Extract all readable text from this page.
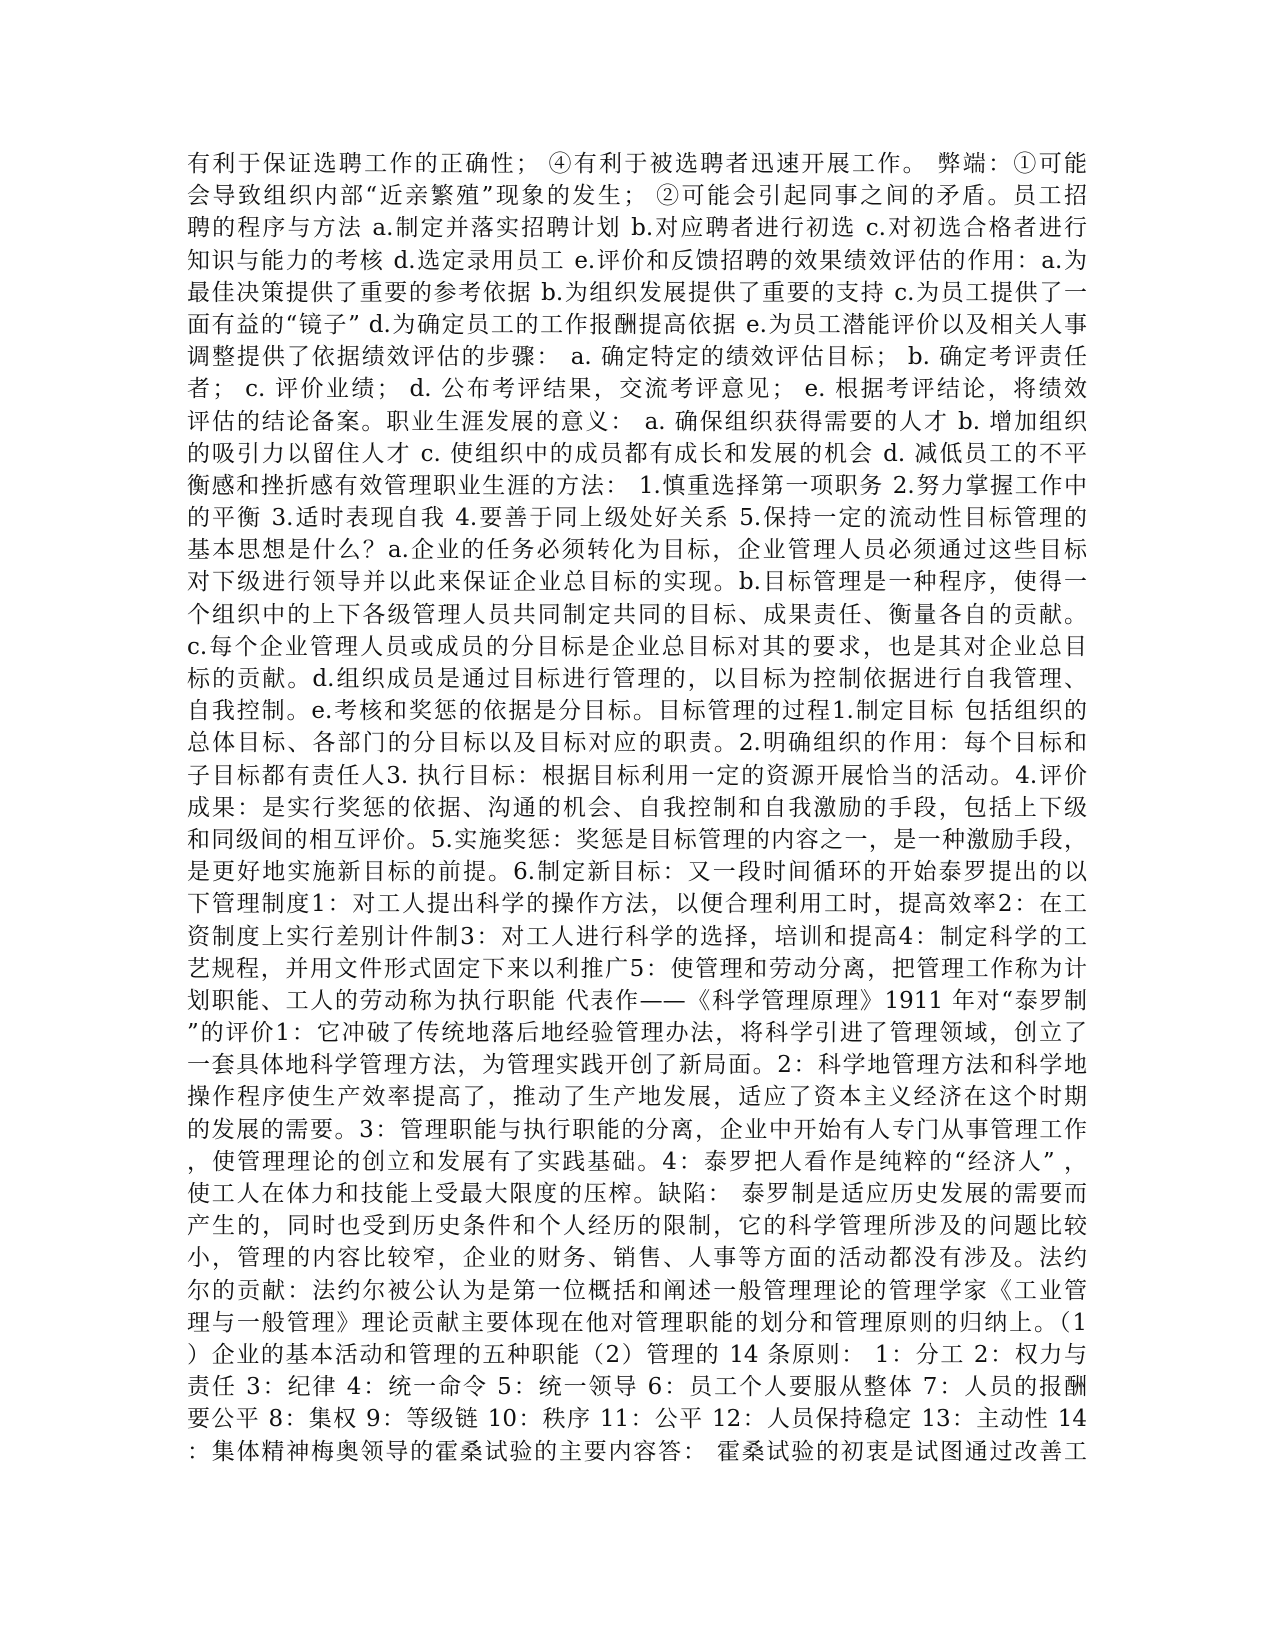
有利于保证选聘工作的正确性； ④有利于被选聘者迅速开展工作。 弊端：①可能
会导致组织内部“近亲繁殖”现象的发生； ②可能会引起同事之间的矛盾。员工招
聘的程序与方法 a.制定并落实招聘计划 b.对应聘者进行初选 c.对初选合格者进行
知识与能力的考核 d.选定录用员工 e.评价和反馈招聘的效果绩效评估的作用：a.为
最佳决策提供了重要的参考依据 b.为组织发展提供了重要的支持 c.为员工提供了一
面有益的“镜子” d.为确定员工的工作报酬提高依据 e.为员工潜能评价以及相关人事
调整提供了依据绩效评估的步骤： a. 确定特定的绩效评估目标； b. 确定考评责任
者； c. 评价业绩； d. 公布考评结果，交流考评意见； e. 根据考评结论，将绩效
评估的结论备案。职业生涯发展的意义： a. 确保组织获得需要的人才 b. 增加组织
的吸引力以留住人才 c. 使组织中的成员都有成长和发展的机会 d. 减低员工的不平
衡感和挫折感有效管理职业生涯的方法： 1.慎重选择第一项职务 2.努力掌握工作中
的平衡 3.适时表现自我 4.要善于同上级处好关系 5.保持一定的流动性目标管理的
基本思想是什么？a.企业的任务必须转化为目标，企业管理人员必须通过这些目标
对下级进行领导并以此来保证企业总目标的实现。b.目标管理是一种程序，使得一
个组织中的上下各级管理人员共同制定共同的目标、成果责任、衡量各自的贡献。
c.每个企业管理人员或成员的分目标是企业总目标对其的要求，也是其对企业总目
标的贡献。d.组织成员是通过目标进行管理的，以目标为控制依据进行自我管理、
自我控制。e.考核和奖惩的依据是分目标。目标管理的过程1.制定目标 包括组织的
总体目标、各部门的分目标以及目标对应的职责。2.明确组织的作用：每个目标和
子目标都有责任人3. 执行目标：根据目标利用一定的资源开展恰当的活动。4.评价
成果：是实行奖惩的依据、沟通的机会、自我控制和自我激励的手段，包括上下级
和同级间的相互评价。5.实施奖惩：奖惩是目标管理的内容之一，是一种激励手段，
是更好地实施新目标的前提。6.制定新目标：又一段时间循环的开始泰罗提出的以
下管理制度1：对工人提出科学的操作方法，以便合理利用工时，提高效率2：在工
资制度上实行差别计件制3：对工人进行科学的选择，培训和提高4：制定科学的工
艺规程，并用文件形式固定下来以利推广5：使管理和劳动分离，把管理工作称为计
划职能、工人的劳动称为执行职能 代表作——《科学管理原理》1911 年对“泰罗制
”的评价1：它冲破了传统地落后地经验管理办法，将科学引进了管理领域，创立了
一套具体地科学管理方法，为管理实践开创了新局面。2：科学地管理方法和科学地
操作程序使生产效率提高了，推动了生产地发展，适应了资本主义经济在这个时期
的发展的需要。3：管理职能与执行职能的分离，企业中开始有人专门从事管理工作
，使管理理论的创立和发展有了实践基础。4：泰罗把人看作是纯粹的“经济人” ，
使工人在体力和技能上受最大限度的压榨。缺陷： 泰罗制是适应历史发展的需要而
产生的，同时也受到历史条件和个人经历的限制，它的科学管理所涉及的问题比较
小，管理的内容比较窄，企业的财务、销售、人事等方面的活动都没有涉及。法约
尔的贡献：法约尔被公认为是第一位概括和阐述一般管理理论的管理学家《工业管
理与一般管理》理论贡献主要体现在他对管理职能的划分和管理原则的归纳上。（1
）企业的基本活动和管理的五种职能（2）管理的 14 条原则： 1：分工 2：权力与
责任 3：纪律 4：统一命令 5：统一领导 6：员工个人要服从整体 7：人员的报酬
要公平 8：集权 9：等级链 10：秩序 11：公平 12：人员保持稳定 13：主动性 14
：集体精神梅奥领导的霍桑试验的主要内容答： 霍桑试验的初衷是试图通过改善工
